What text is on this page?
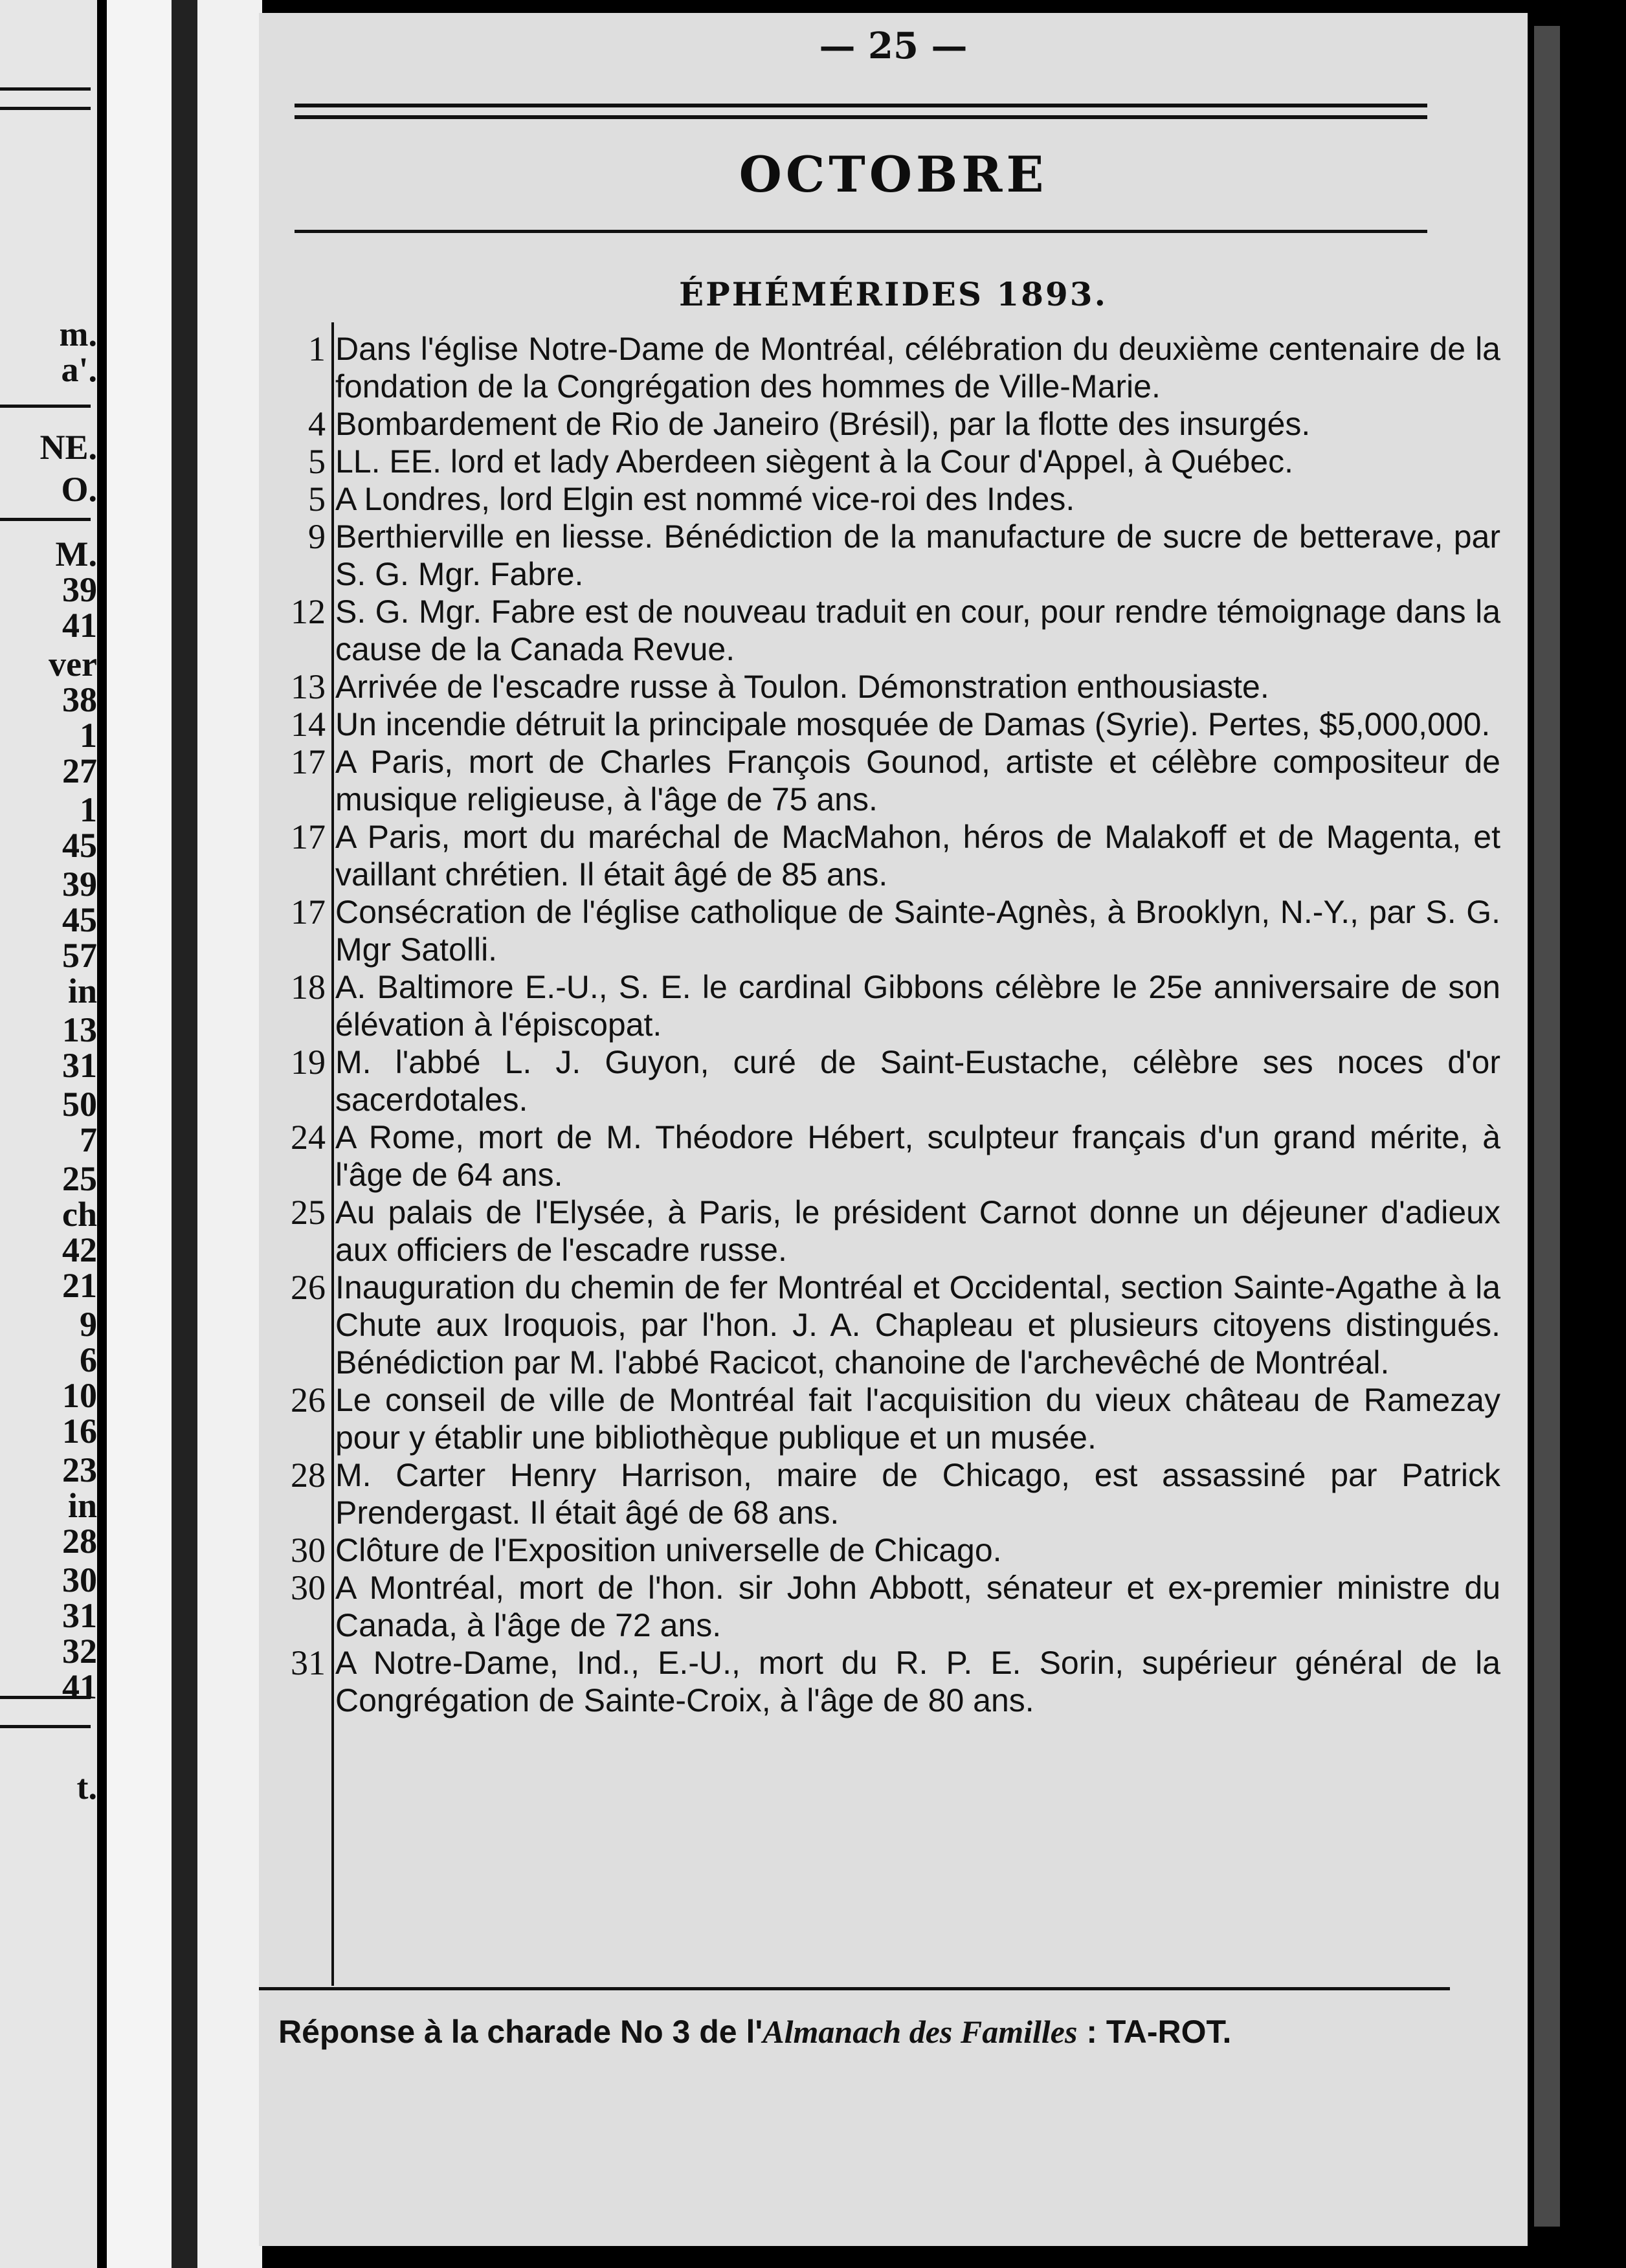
m.
a'.
NE.
O.
M.
39
41
ver
38
1
27
1
45
39
45
57
in
13
31
50
7
25
ch
42
21
9
6
10
16
23
in
28
30
31
32
41
t.
— 25 —
OCTOBRE
ÉPHÉMÉRIDES 1893.
1 Dans l'église Notre-Dame de Montréal, célébration du deuxième centenaire de la fondation de la Congrégation des hommes de Ville-Marie.
4 Bombardement de Rio de Janeiro (Brésil), par la flotte des insurgés.
5 LL. EE. lord et lady Aberdeen siègent à la Cour d'Appel, à Québec.
5 A Londres, lord Elgin est nommé vice-roi des Indes.
9 Berthierville en liesse. Bénédiction de la manufacture de sucre de betterave, par S. G. Mgr. Fabre.
12 S. G. Mgr. Fabre est de nouveau traduit en cour, pour rendre témoignage dans la cause de la Canada Revue.
13 Arrivée de l'escadre russe à Toulon. Démonstration enthousiaste.
14 Un incendie détruit la principale mosquée de Damas (Syrie). Pertes, $5,000,000.
17 A Paris, mort de Charles François Gounod, artiste et célèbre compositeur de musique religieuse, à l'âge de 75 ans.
17 A Paris, mort du maréchal de MacMahon, héros de Malakoff et de Magenta, et vaillant chrétien. Il était âgé de 85 ans.
17 Consécration de l'église catholique de Sainte-Agnès, à Brooklyn, N.-Y., par S. G. Mgr Satolli.
18 A. Baltimore E.-U., S. E. le cardinal Gibbons célèbre le 25e anniversaire de son élévation à l'épiscopat.
19 M. l'abbé L. J. Guyon, curé de Saint-Eustache, célèbre ses noces d'or sacerdotales.
24 A Rome, mort de M. Théodore Hébert, sculpteur français d'un grand mérite, à l'âge de 64 ans.
25 Au palais de l'Elysée, à Paris, le président Carnot donne un déjeuner d'adieux aux officiers de l'escadre russe.
26 Inauguration du chemin de fer Montréal et Occidental, section Sainte-Agathe à la Chute aux Iroquois, par l'hon. J. A. Chapleau et plusieurs citoyens distingués. Bénédiction par M. l'abbé Racicot, chanoine de l'archevêché de Montréal.
26 Le conseil de ville de Montréal fait l'acquisition du vieux château de Ramezay pour y établir une bibliothèque publique et un musée.
28 M. Carter Henry Harrison, maire de Chicago, est assassiné par Patrick Prendergast. Il était âgé de 68 ans.
30 Clôture de l'Exposition universelle de Chicago.
30 A Montréal, mort de l'hon. sir John Abbott, sénateur et ex-premier ministre du Canada, à l'âge de 72 ans.
31 A Notre-Dame, Ind., E.-U., mort du R. P. E. Sorin, supérieur général de la Congrégation de Sainte-Croix, à l'âge de 80 ans.
Réponse à la charade No 3 de l'Almanach des Familles : TA-ROT.
